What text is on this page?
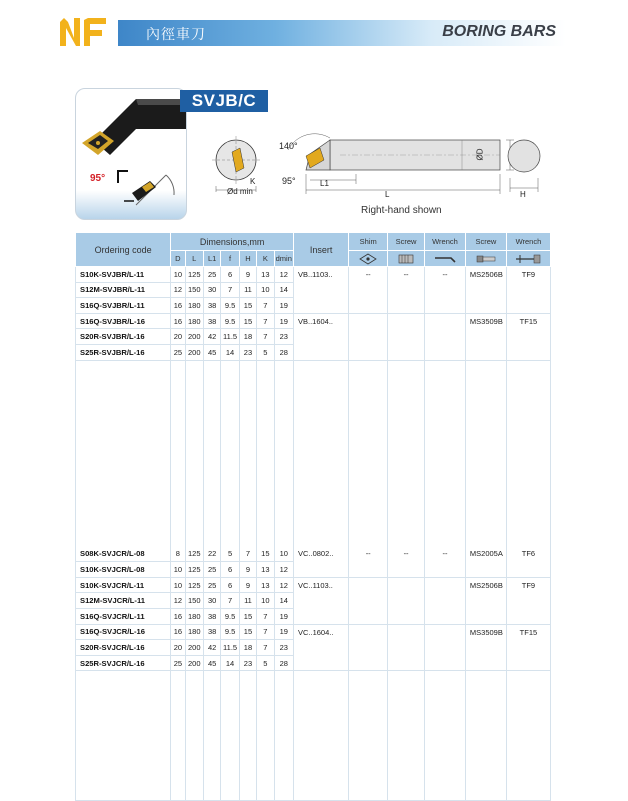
內徑車刀	BORING BARS
95°
SVJB/C
140°
95°
K
Ød min
L1
L
ØD
H
Right-hand shown
Ordering code	Dimensions,mm							Insert	Shim	Screw	Wrench	Screw	Wrench
	D	L	L1	f	H	K	dmin	

S10K-SVJBR/L-11	10	125	25	6	9	13	12	VB..1103..	--	--	--	MS2506B	TF9
S12M-SVJBR/L-11	12	150	30	7	11	10	14						
S16Q-SVJBR/L-11	16	180	38	9.5	15	7	19						
S16Q-SVJBR/L-16	16	180	38	9.5	15	7	19	VB..1604..				MS3509B	TF15
S20R-SVJBR/L-16	20	200	42	11.5	18	7	23						
S25R-SVJBR/L-16	25	200	45	14	23	5	28						

S08K-SVJCR/L-08	8	125	22	5	7	15	10	VC..0802..	--	--	--	MS2005A	TF6
S10K-SVJCR/L-08	10	125	25	6	9	13	12						
S10K-SVJCR/L-11	10	125	25	6	9	13	12	VC..1103..				MS2506B	TF9
S12M-SVJCR/L-11	12	150	30	7	11	10	14						
S16Q-SVJCR/L-11	16	180	38	9.5	15	7	19						
S16Q-SVJCR/L-16	16	180	38	9.5	15	7	19	VC..1604..				MS3509B	TF15
S20R-SVJCR/L-16	20	200	42	11.5	18	7	23						
S25R-SVJCR/L-16	25	200	45	14	23	5	28						
